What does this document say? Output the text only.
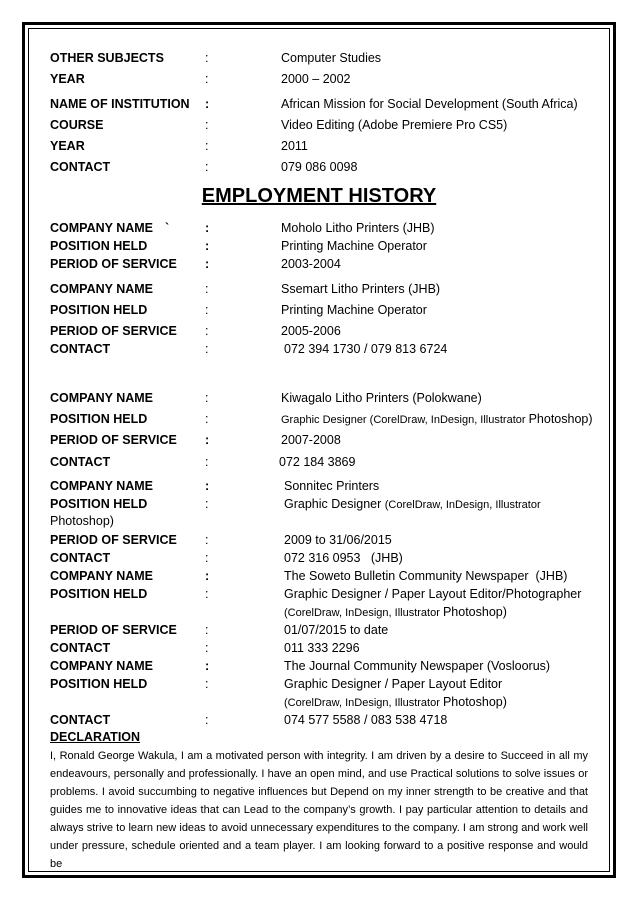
OTHER SUBJECTS	:	Computer Studies
YEAR	:	2000 – 2002
NAME OF INSTITUTION :	African Mission for Social Development (South Africa)
COURSE	:	Video Editing (Adobe Premiere Pro CS5)
YEAR	:	2011
CONTACT	:	079 086 0098
EMPLOYMENT HISTORY
COMPANY NAME `	:	Moholo Litho Printers (JHB)
POSITION HELD	:	Printing Machine Operator
PERIOD OF SERVICE :	2003-2004
COMPANY NAME	:	Ssemart Litho Printers (JHB)
POSITION HELD	:	Printing Machine Operator
PERIOD OF SERVICE :	2005-2006
CONTACT	:	072 394 1730 / 079 813 6724
COMPANY NAME	:	Kiwagalo Litho Printers (Polokwane)
POSITION HELD	:	Graphic Designer (CorelDraw, InDesign, Illustrator Photoshop)
PERIOD OF SERVICE :	2007-2008
CONTACT	:	072 184 3869
COMPANY NAME	:	Sonnitec Printers
POSITION HELD	:	Graphic Designer (CorelDraw, InDesign, Illustrator
Photoshop)
PERIOD OF SERVICE :	2009 to 31/06/2015
CONTACT	:	072 316 0953   (JHB)
COMPANY NAME	:	The Soweto Bulletin Community Newspaper  (JHB)
POSITION HELD	:	Graphic Designer / Paper Layout Editor/Photographer
(CorelDraw, InDesign, Illustrator Photoshop)
PERIOD OF SERVICE :	01/07/2015 to date
CONTACT	:	011 333 2296
COMPANY NAME	:	The Journal Community Newspaper (Vosloorus)
POSITION HELD	:	Graphic Designer / Paper Layout Editor
(CorelDraw, InDesign, Illustrator Photoshop)
CONTACT	:	074 577 5588 / 083 538 4718
DECLARATION
I, Ronald George Wakula, I am a motivated person with integrity. I am driven by a desire to Succeed in all my endeavours, personally and professionally. I have an open mind, and use Practical solutions to solve issues or problems. I avoid succumbing to negative influences but Depend on my inner strength to be creative and that guides me to innovative ideas that can Lead to the company’s growth. I pay particular attention to details and always strive to learn new ideas to avoid unnecessary expenditures to the company. I am strong and work well under pressure, schedule oriented and a team player. I am looking forward to a positive response and would be
